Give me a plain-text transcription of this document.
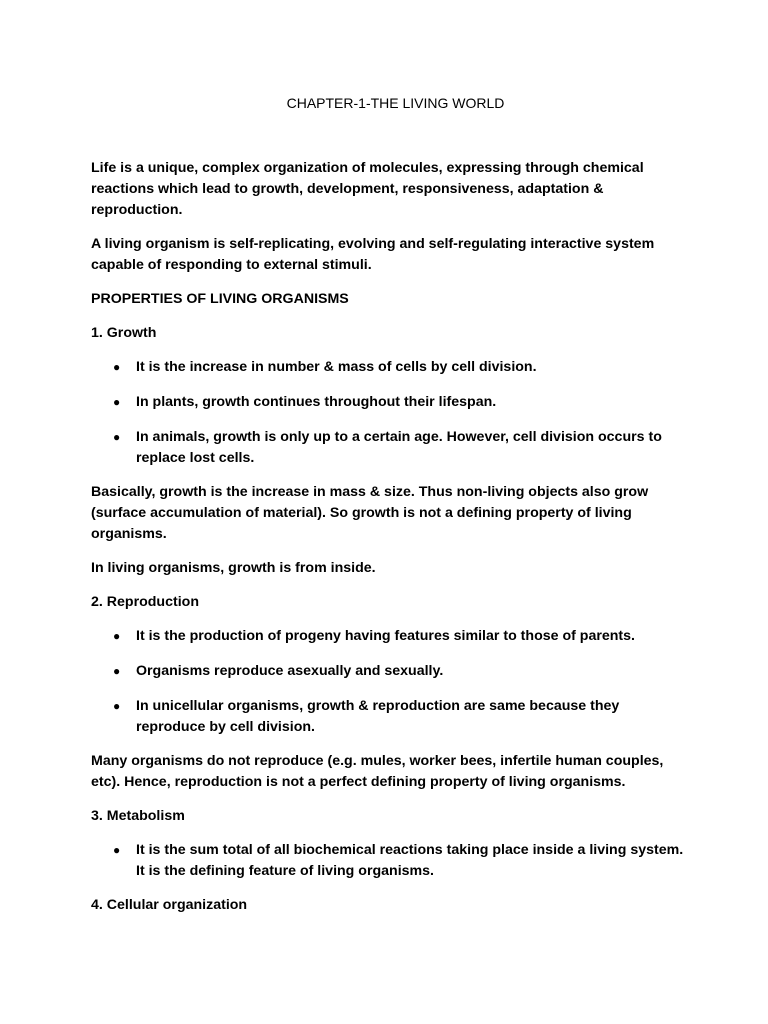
CHAPTER-1-THE LIVING WORLD

Life is a unique, complex organization of molecules, expressing through chemical reactions which lead to growth, development, responsiveness, adaptation & reproduction.

A living organism is self-replicating, evolving and self-regulating interactive system capable of responding to external stimuli.

PROPERTIES OF LIVING ORGANISMS

1. Growth

● It is the increase in number & mass of cells by cell division.
● In plants, growth continues throughout their lifespan.
● In animals, growth is only up to a certain age. However, cell division occurs to replace lost cells.

Basically, growth is the increase in mass & size. Thus non-living objects also grow (surface accumulation of material). So growth is not a defining property of living organisms.

In living organisms, growth is from inside.

2. Reproduction

● It is the production of progeny having features similar to those of parents.
● Organisms reproduce asexually and sexually.
● In unicellular organisms, growth & reproduction are same because they reproduce by cell division.

Many organisms do not reproduce (e.g. mules, worker bees, infertile human couples, etc). Hence, reproduction is not a perfect defining property of living organisms.

3. Metabolism

● It is the sum total of all biochemical reactions taking place inside a living system. It is the defining feature of living organisms.

4. Cellular organization
